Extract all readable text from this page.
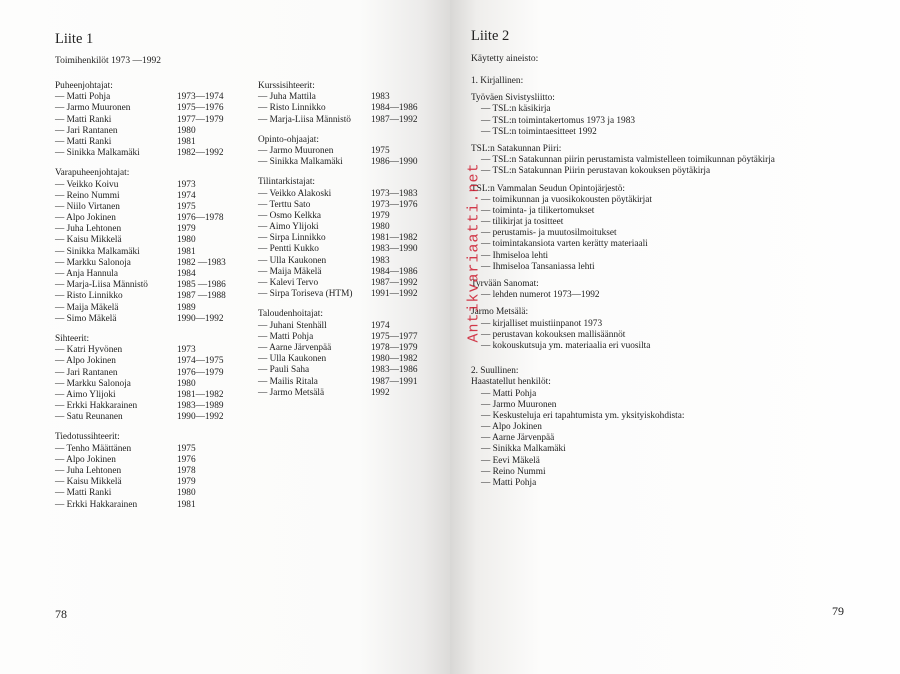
Liite 1
Toimihenkilöt 1973 —1992
Puheenjohtajat:
— Matti Pohja	1973—1974
— Jarmo Muuronen	1975—1976
— Matti Ranki	1977—1979
— Jari Rantanen	1980
— Matti Ranki	1981
— Sinikka Malkamäki	1982—1992
Varapuheenjohtajat:
— Veikko Koivu	1973
— Reino Nummi	1974
— Niilo Virtanen	1975
— Alpo Jokinen	1976—1978
— Juha Lehtonen	1979
— Kaisu Mikkelä	1980
— Sinikka Malkamäki	1981
— Markku Salonoja	1982 —1983
— Anja Hannula	1984
— Marja-Liisa Männistö	1985 —1986
— Risto Linnikko	1987 —1988
— Maija Mäkelä	1989
— Simo Mäkelä	1990—1992
Sihteerit:
— Katri Hyvönen	1973
— Alpo Jokinen	1974—1975
— Jari Rantanen	1976—1979
— Markku Salonoja	1980
— Aimo Ylijoki	1981—1982
— Erkki Hakkarainen	1983—1989
— Satu Reunanen	1990—1992
Tiedotussihteerit:
— Tenho Määttänen	1975
— Alpo Jokinen	1976
— Juha Lehtonen	1978
— Kaisu Mikkelä	1979
— Matti Ranki	1980
— Erkki Hakkarainen	1981
Kurssisihteerit:
— Juha Mattila	1983
— Risto Linnikko	1984—1986
— Marja-Liisa Männistö 1987—1992
Opinto-ohjaajat:
— Jarmo Muuronen	1975
— Sinikka Malkamäki	1986—1990
Tilintarkistajat:
— Veikko Alakoski	1973—1983
— Terttu Sato	1973—1976
— Osmo Kelkka	1979
— Aimo Ylijoki	1980
— Sirpa Linnikko	1981—1982
— Pentti Kukko	1983—1990
— Ulla Kaukonen	1983
— Maija Mäkelä	1984—1986
— Kalevi Tervo	1987—1992
— Sirpa Toriseva (HTM) 1991—1992
Taloudenhoitajat:
— Juhani Stenhäll	1974
— Matti Pohja	1975—1977
— Aarne Järvenpää	1978—1979
— Ulla Kaukonen	1980—1982
— Pauli Saha	1983—1986
— Mailis Ritala	1987—1991
— Jarmo Metsälä	1992
78
Liite 2
Käytetty aineisto:
1. Kirjallinen:
Työväen Sivistysliitto:
— TSL:n käsikirja
— TSL:n toimintakertomus 1973 ja 1983
— TSL:n toimintaesitteet 1992
TSL:n Satakunnan Piiri:
— TSL:n Satakunnan piirin perustamista valmistelleen toimikunnan pöytäkirja
— TSL:n Satakunnan Piirin perustavan kokouksen pöytäkirja
TSL:n Vammalan Seudun Opintojärjestö:
— toimikunnan ja vuosikokousten pöytäkirjat
— toiminta- ja tilikertomukset
— tilikirjat ja tositteet
— perustamis- ja muutosilmoitukset
— toimintakansiota varten kerätty materiaali
— Ihmiseloa lehti
— Ihmiseloa Tansaniassa lehti
Tyrvään Sanomat:
— lehden numerot 1973—1992
Jarmo Metsälä:
— kirjalliset muistiinpanot 1973
— perustavan kokouksen mallisäännöt
— kokouskutsuja ym. materiaalia eri vuosilta
2. Suullinen:
Haastatellut henkilöt:
— Matti Pohja
— Jarmo Muuronen
— Keskusteluja eri tapahtumista ym. yksityiskohdista:
— Alpo Jokinen
— Aarne Järvenpää
— Sinikka Malkamäki
— Eevi Mäkelä
— Reino Nummi
— Matti Pohja
79
Antikvariaatti.net
